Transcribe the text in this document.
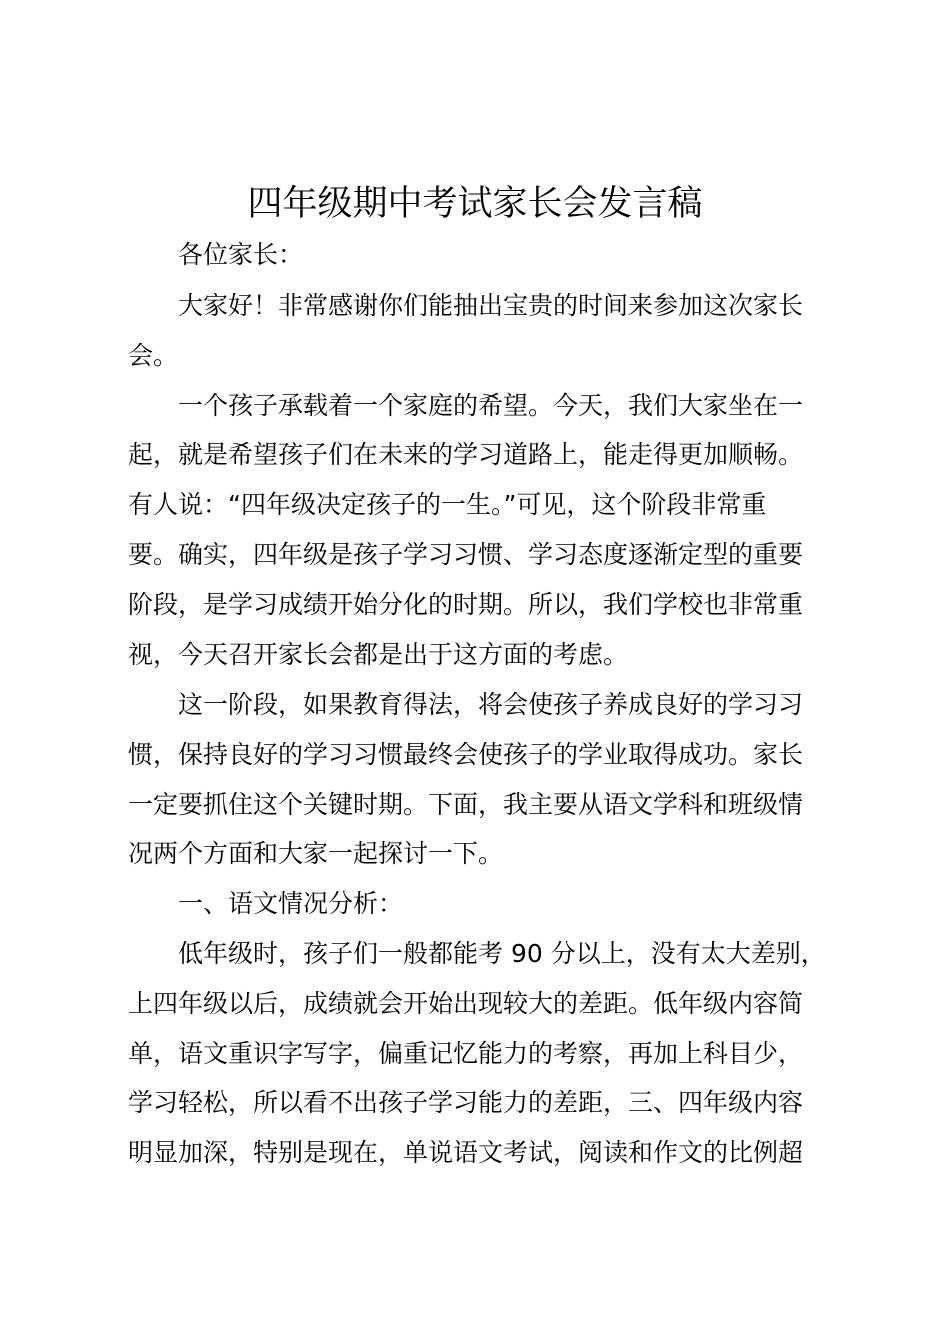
四年级期中考试家长会发言稿
各位家长：
大家好！非常感谢你们能抽出宝贵的时间来参加这次家长
会。
一个孩子承载着一个家庭的希望。今天，我们大家坐在一
起，就是希望孩子们在未来的学习道路上，能走得更加顺畅。
有人说：“四年级决定孩子的一生。”可见，这个阶段非常重
要。确实，四年级是孩子学习习惯、学习态度逐渐定型的重要
阶段，是学习成绩开始分化的时期。所以，我们学校也非常重
视，今天召开家长会都是出于这方面的考虑。
这一阶段，如果教育得法，将会使孩子养成良好的学习习
惯，保持良好的学习习惯最终会使孩子的学业取得成功。家长
一定要抓住这个关键时期。下面，我主要从语文学科和班级情
况两个方面和大家一起探讨一下。
一、语文情况分析：
低年级时，孩子们一般都能考 90 分以上，没有太大差别，
上四年级以后，成绩就会开始出现较大的差距。低年级内容简
单，语文重识字写字，偏重记忆能力的考察，再加上科目少，
学习轻松，所以看不出孩子学习能力的差距，三、四年级内容
明显加深，特别是现在，单说语文考试，阅读和作文的比例超
